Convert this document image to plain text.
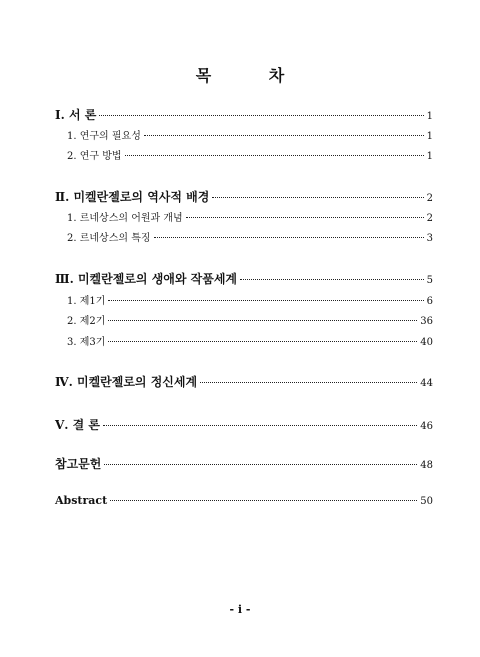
목 차
Ⅰ. 서 론	1
1. 연구의 필요성	1
2. 연구 방법	1
Ⅱ. 미켈란젤로의 역사적 배경	2
1. 르네상스의 어원과 개념	2
2. 르네상스의 특징	3
Ⅲ. 미켈란젤로의 생애와 작품세계	5
1. 제1기	6
2. 제2기	36
3. 제3기	40
Ⅳ. 미켈란젤로의 정신세계	44
Ⅴ. 결 론	46
참고문헌	48
Abstract	50
- i -
